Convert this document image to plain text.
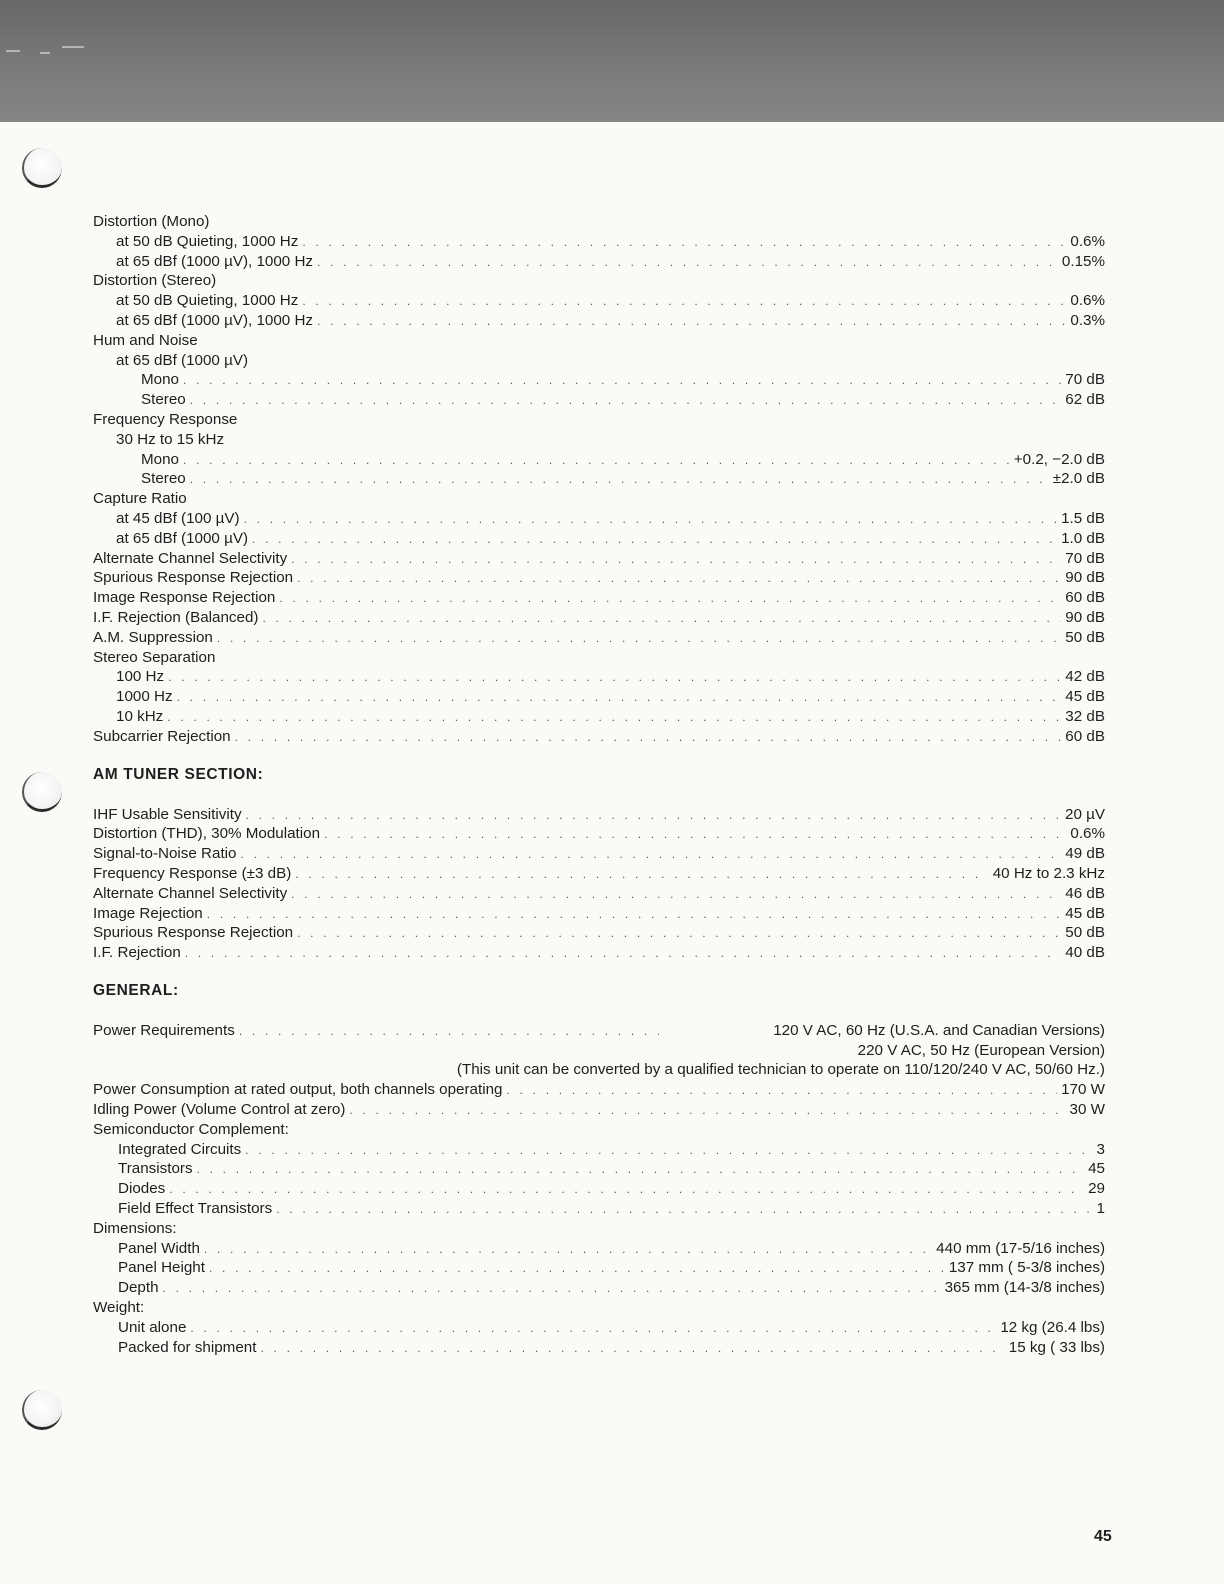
Distortion (Mono)
at 50 dB Quieting, 1000 Hz . . .	0.6%
at 65 dBf (1000 µV), 1000 Hz . . .	0.15%
Distortion (Stereo)
at 50 dB Quieting, 1000 Hz . . .	0.6%
at 65 dBf (1000 µV), 1000 Hz . . .	0.3%
Hum and Noise
at 65 dBf (1000 µV)
Mono . . .	70 dB
Stereo . . .	62 dB
Frequency Response
30 Hz to 15 kHz
Mono . . .	+0.2, −2.0 dB
Stereo . . .	±2.0 dB
Capture Ratio
at 45 dBf (100 µV) . . .	1.5 dB
at 65 dBf (1000 µV) . . .	1.0 dB
Alternate Channel Selectivity . . .	70 dB
Spurious Response Rejection . . .	90 dB
Image Response Rejection . . .	60 dB
I.F. Rejection (Balanced) . . .	90 dB
A.M. Suppression . . .	50 dB
Stereo Separation
100 Hz . . .	42 dB
1000 Hz . . .	45 dB
10 kHz . . .	32 dB
Subcarrier Rejection . . .	60 dB
AM TUNER SECTION:
IHF Usable Sensitivity . . .	20 µV
Distortion (THD), 30% Modulation . . .	0.6%
Signal-to-Noise Ratio . . .	49 dB
Frequency Response (±3 dB) . . .	40 Hz to 2.3 kHz
Alternate Channel Selectivity . . .	46 dB
Image Rejection . . .	45 dB
Spurious Response Rejection . . .	50 dB
I.F. Rejection . . .	40 dB
GENERAL:
Power Requirements . . .	120 V AC, 60 Hz (U.S.A. and Canadian Versions)
220 V AC, 50 Hz (European Version)
(This unit can be converted by a qualified technician to operate on 110/120/240 V AC, 50/60 Hz.)
Power Consumption at rated output, both channels operating . . .	170 W
Idling Power (Volume Control at zero) . . .	30 W
Semiconductor Complement:
Integrated Circuits . . .	3
Transistors . . .	45
Diodes . . .	29
Field Effect Transistors . . .	1
Dimensions:
Panel Width . . .	440 mm (17-5/16 inches)
Panel Height . . .	137 mm ( 5-3/8 inches)
Depth . . .	365 mm (14-3/8 inches)
Weight:
Unit alone . . .	12 kg (26.4 lbs)
Packed for shipment . . .	15 kg ( 33 lbs)
45
